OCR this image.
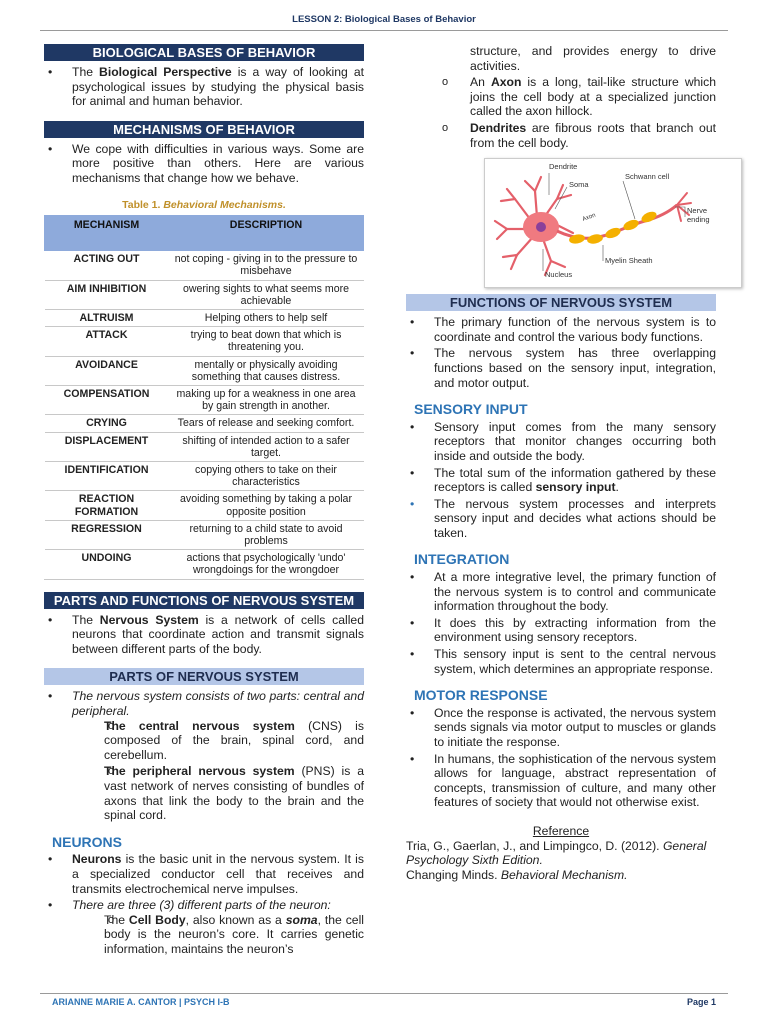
LESSON 2: Biological Bases of Behavior
BIOLOGICAL BASES OF BEHAVIOR
• The Biological Perspective is a way of looking at psychological issues by studying the physical basis for animal and human behavior.
MECHANISMS OF BEHAVIOR
• We cope with difficulties in various ways. Some are more positive than others. Here are various mechanisms that change how we behave.
Table 1. Behavioral Mechanisms.
MECHANISM	DESCRIPTION
ACTING OUT	not coping - giving in to the pressure to misbehave
AIM INHIBITION	owering sights to what seems more achievable
ALTRUISM	Helping others to help self
ATTACK	trying to beat down that which is threatening you.
AVOIDANCE	mentally or physically avoiding something that causes distress.
COMPENSATION	making up for a weakness in one area by gain strength in another.
CRYING	Tears of release and seeking comfort.
DISPLACEMENT	shifting of intended action to a safer target.
IDENTIFICATION	copying others to take on their characteristics
REACTION FORMATION	avoiding something by taking a polar opposite position
REGRESSION	returning to a child state to avoid problems
UNDOING	actions that psychologically 'undo' wrongdoings for the wrongdoer
PARTS AND FUNCTIONS OF NERVOUS SYSTEM
• The Nervous System is a network of cells called neurons that coordinate action and transmit signals between different parts of the body.
PARTS OF NERVOUS SYSTEM
• The nervous system consists of two parts: central and peripheral.
o The central nervous system (CNS) is composed of the brain, spinal cord, and cerebellum.
o The peripheral nervous system (PNS) is a vast network of nerves consisting of bundles of axons that link the body to the brain and the spinal cord.
NEURONS
• Neurons is the basic unit in the nervous system. It is a specialized conductor cell that receives and transmits electrochemical nerve impulses.
• There are three (3) different parts of the neuron:
o The Cell Body, also known as a soma, the cell body is the neuron’s core. It carries genetic information, maintains the neuron’s
structure, and provides energy to drive activities.
o An Axon is a long, tail-like structure which joins the cell body at a specialized junction called the axon hillock.
o Dendrites are fibrous roots that branch out from the cell body.
Dendrite
Soma
Schwann cell
Axon
Nerve
ending
Myelin Sheath
Nucleus
FUNCTIONS OF NERVOUS SYSTEM
• The primary function of the nervous system is to coordinate and control the various body functions.
• The nervous system has three overlapping functions based on the sensory input, integration, and motor output.
SENSORY INPUT
• Sensory input comes from the many sensory receptors that monitor changes occurring both inside and outside the body.
• The total sum of the information gathered by these receptors is called sensory input.
• The nervous system processes and interprets sensory input and decides what actions should be taken.
INTEGRATION
• At a more integrative level, the primary function of the nervous system is to control and communicate information throughout the body.
• It does this by extracting information from the environment using sensory receptors.
• This sensory input is sent to the central nervous system, which determines an appropriate response.
MOTOR RESPONSE
• Once the response is activated, the nervous system sends signals via motor output to muscles or glands to initiate the response.
• In humans, the sophistication of the nervous system allows for language, abstract representation of concepts, transmission of culture, and many other features of society that would not otherwise exist.
Reference
Tria, G., Gaerlan, J., and Limpingco, D. (2012). General Psychology Sixth Edition.
Changing Minds. Behavioral Mechanism.
ARIANNE MARIE A. CANTOR | PSYCH I-B	Page 1
